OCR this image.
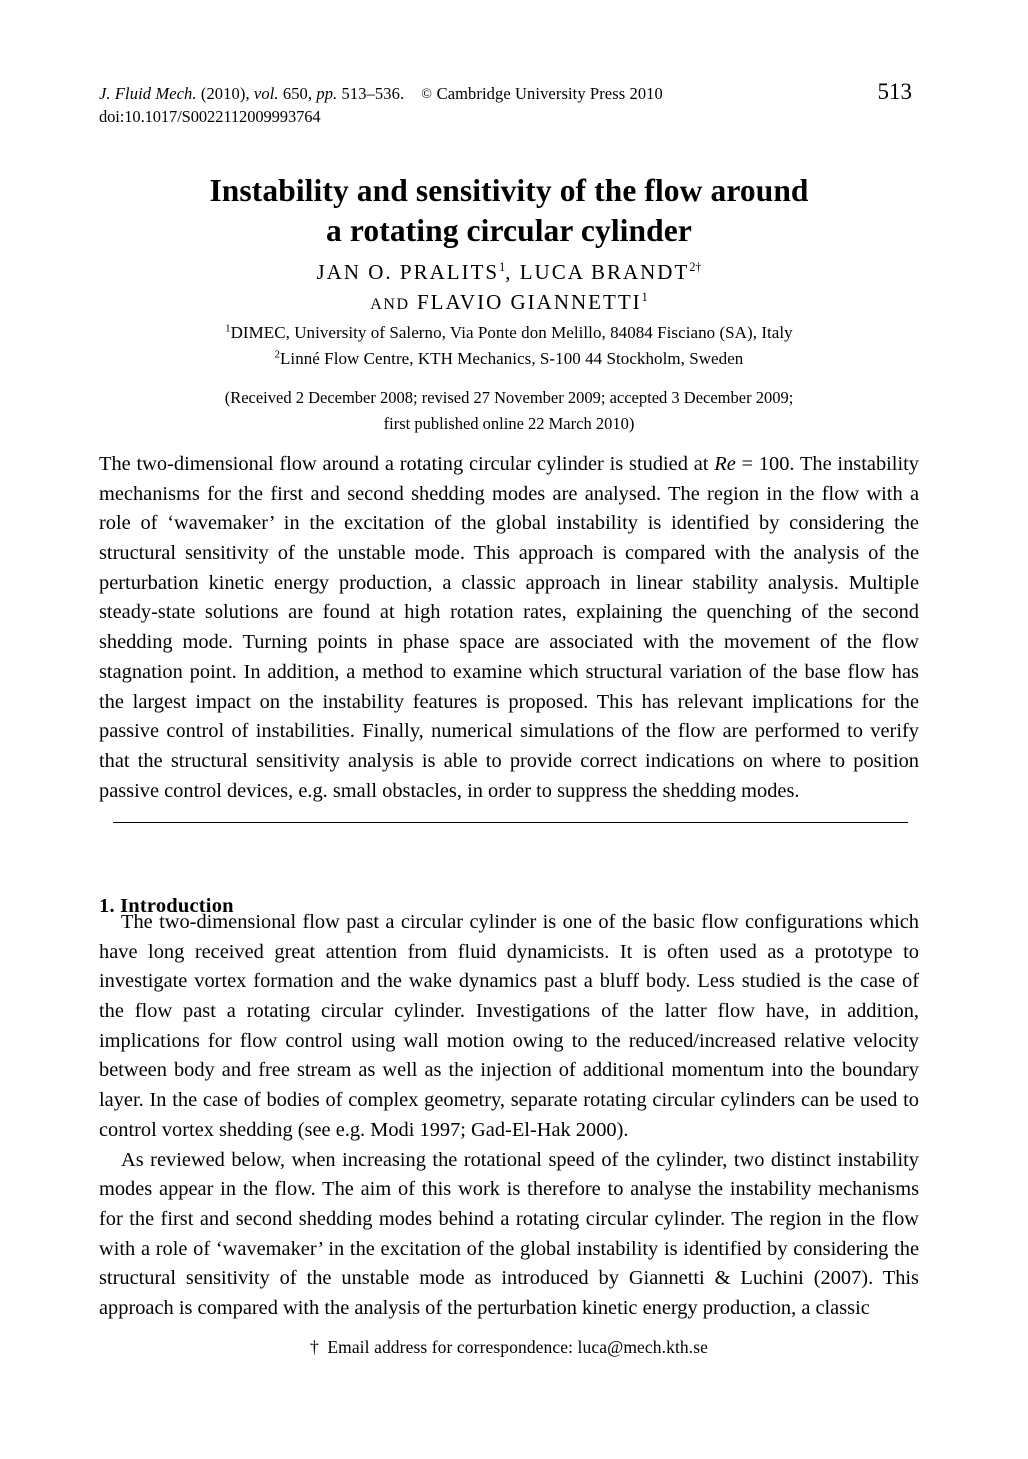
J. Fluid Mech. (2010), vol. 650, pp. 513–536. © Cambridge University Press 2010
doi:10.1017/S0022112009993764
513
Instability and sensitivity of the flow around
a rotating circular cylinder
JAN O. PRALITS$^1$, LUCA BRANDT$^{2\dagger}$
AND FLAVIO GIANNETTI$^1$
$^1$DIMEC, University of Salerno, Via Ponte don Melillo, 84084 Fisciano (SA), Italy
$^2$Linné Flow Centre, KTH Mechanics, S-100 44 Stockholm, Sweden
(Received 2 December 2008; revised 27 November 2009; accepted 3 December 2009;
first published online 22 March 2010)
The two-dimensional flow around a rotating circular cylinder is studied at Re = 100. The instability mechanisms for the first and second shedding modes are analysed. The region in the flow with a role of ‘wavemaker’ in the excitation of the global instability is identified by considering the structural sensitivity of the unstable mode. This approach is compared with the analysis of the perturbation kinetic energy production, a classic approach in linear stability analysis. Multiple steady-state solutions are found at high rotation rates, explaining the quenching of the second shedding mode. Turning points in phase space are associated with the movement of the flow stagnation point. In addition, a method to examine which structural variation of the base flow has the largest impact on the instability features is proposed. This has relevant implications for the passive control of instabilities. Finally, numerical simulations of the flow are performed to verify that the structural sensitivity analysis is able to provide correct indications on where to position passive control devices, e.g. small obstacles, in order to suppress the shedding modes.
1. Introduction

The two-dimensional flow past a circular cylinder is one of the basic flow configurations which have long received great attention from fluid dynamicists. It is often used as a prototype to investigate vortex formation and the wake dynamics past a bluff body. Less studied is the case of the flow past a rotating circular cylinder. Investigations of the latter flow have, in addition, implications for flow control using wall motion owing to the reduced/increased relative velocity between body and free stream as well as the injection of additional momentum into the boundary layer. In the case of bodies of complex geometry, separate rotating circular cylinders can be used to control vortex shedding (see e.g. Modi 1997; Gad-El-Hak 2000).

As reviewed below, when increasing the rotational speed of the cylinder, two distinct instability modes appear in the flow. The aim of this work is therefore to analyse the instability mechanisms for the first and second shedding modes behind a rotating circular cylinder. The region in the flow with a role of ‘wavemaker’ in the excitation of the global instability is identified by considering the structural sensitivity of the unstable mode as introduced by Giannetti & Luchini (2007). This approach is compared with the analysis of the perturbation kinetic energy production, a classic

† Email address for correspondence: luca@mech.kth.se
